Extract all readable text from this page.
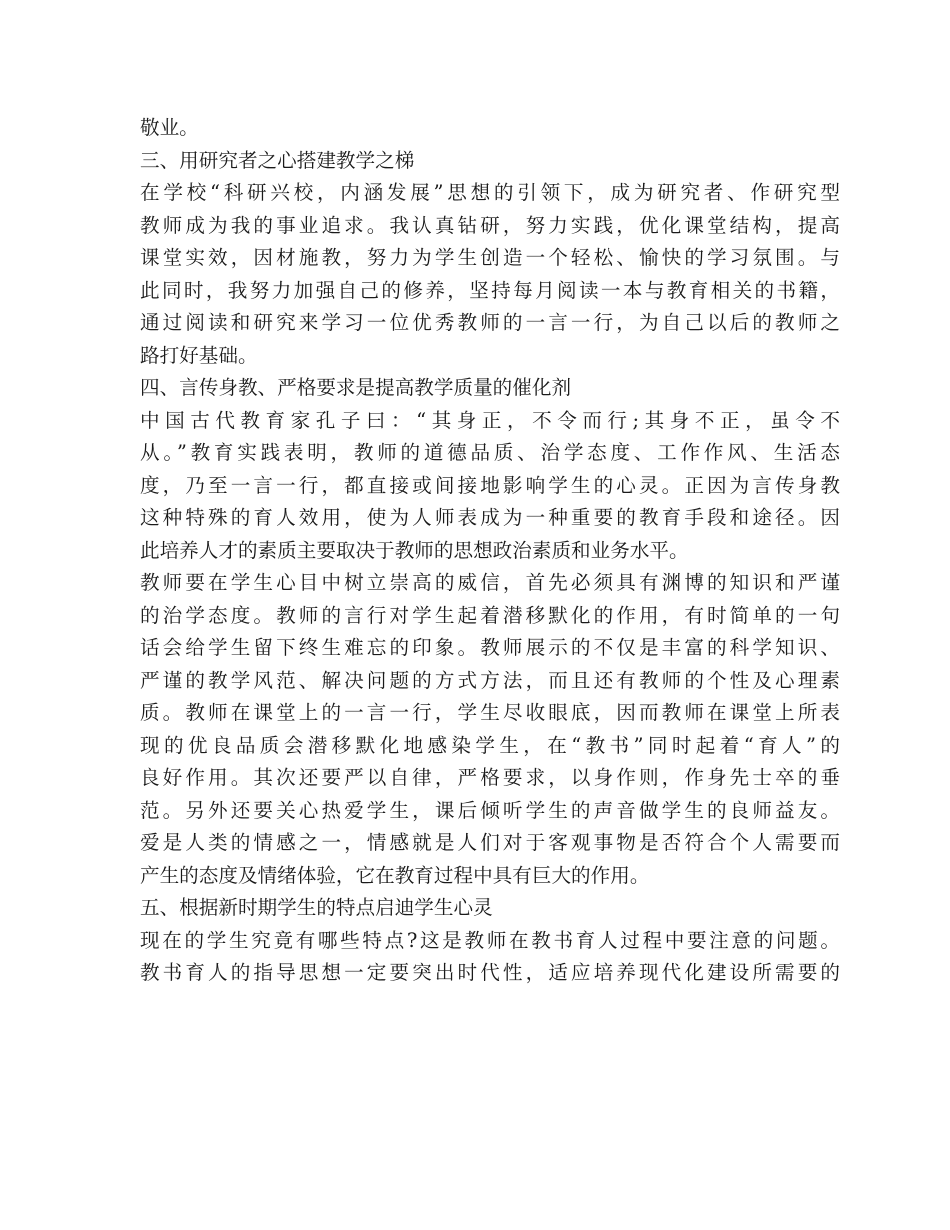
敬业。
三、用研究者之心搭建教学之梯
在学校“科研兴校，内涵发展”思想的引领下，成为研究者、作研究型
教师成为我的事业追求。我认真钻研，努力实践，优化课堂结构，提高
课堂实效，因材施教，努力为学生创造一个轻松、愉快的学习氛围。与
此同时，我努力加强自己的修养，坚持每月阅读一本与教育相关的书籍，
通过阅读和研究来学习一位优秀教师的一言一行，为自己以后的教师之
路打好基础。
四、言传身教、严格要求是提高教学质量的催化剂
中国古代教育家孔子曰：“其身正，不令而行;其身不正，虽令不
从。”教育实践表明，教师的道德品质、治学态度、工作作风、生活态
度，乃至一言一行，都直接或间接地影响学生的心灵。正因为言传身教
这种特殊的育人效用，使为人师表成为一种重要的教育手段和途径。因
此培养人才的素质主要取决于教师的思想政治素质和业务水平。
教师要在学生心目中树立崇高的威信，首先必须具有渊博的知识和严谨
的治学态度。教师的言行对学生起着潜移默化的作用，有时简单的一句
话会给学生留下终生难忘的印象。教师展示的不仅是丰富的科学知识、
严谨的教学风范、解决问题的方式方法，而且还有教师的个性及心理素
质。教师在课堂上的一言一行，学生尽收眼底，因而教师在课堂上所表
现的优良品质会潜移默化地感染学生，在“教书”同时起着“育人”的
良好作用。其次还要严以自律，严格要求，以身作则，作身先士卒的垂
范。另外还要关心热爱学生，课后倾听学生的声音做学生的良师益友。
爱是人类的情感之一，情感就是人们对于客观事物是否符合个人需要而
产生的态度及情绪体验，它在教育过程中具有巨大的作用。
五、根据新时期学生的特点启迪学生心灵
现在的学生究竟有哪些特点?这是教师在教书育人过程中要注意的问题。
教书育人的指导思想一定要突出时代性，适应培养现代化建设所需要的
